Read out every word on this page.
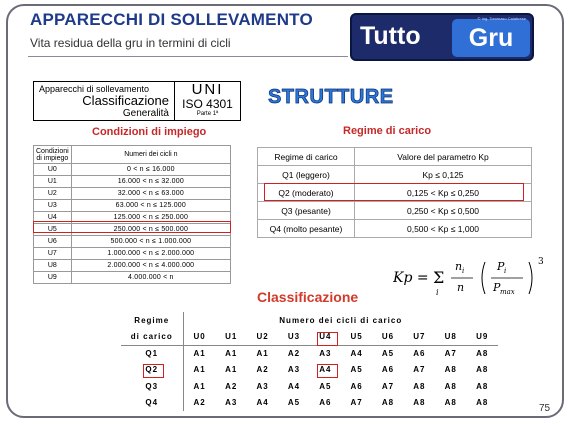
APPARECCHI DI SOLLEVAMENTO
Vita residua della gru in termini di cicli	Tutto	Gru
© Ing. Tommaso Calabrese
Apparecchi di sollevamento
Classificazione
Generalità
UNI
ISO 4301
Parte 1ª
STRUTTURE
Condizioni di impiego	Regime di carico
Condizioni di impiego	Numeri dei cicli n
U0	0 < n ≤ 16.000
U1	16.000 < n ≤ 32.000
U2	32.000 < n ≤ 63.000
U3	63.000 < n ≤ 125.000
U4	125.000 < n ≤ 250.000
U5	250.000 < n ≤ 500.000
U6	500.000 < n ≤ 1.000.000
U7	1.000.000 < n ≤ 2.000.000
U8	2.000.000 < n ≤ 4.000.000
U9	4.000.000 < n
Regime di carico	Valore del parametro Kp
Q1 (leggero)	Kp ≤ 0,125
Q2 (moderato)	0,125 < Kp ≤ 0,250
Q3 (pesante)	0,250 < Kp ≤ 0,500
Q4 (molto pesante)	0,500 < Kp ≤ 1,000
Kp = Σ
i
n i
n
P i
P max
3
Classificazione
Regime	Numero dei cicli di carico									
di carico	U0	U1	U2	U3	U4	U5	U6	U7	U8	U9
Q1	A1	A1	A1	A2	A3	A4	A5	A6	A7	A8
Q2	A1	A1	A2	A3	A4	A5	A6	A7	A8	A8
Q3	A1	A2	A3	A4	A5	A6	A7	A8	A8	A8
Q4	A2	A3	A4	A5	A6	A7	A8	A8	A8	A8
75
